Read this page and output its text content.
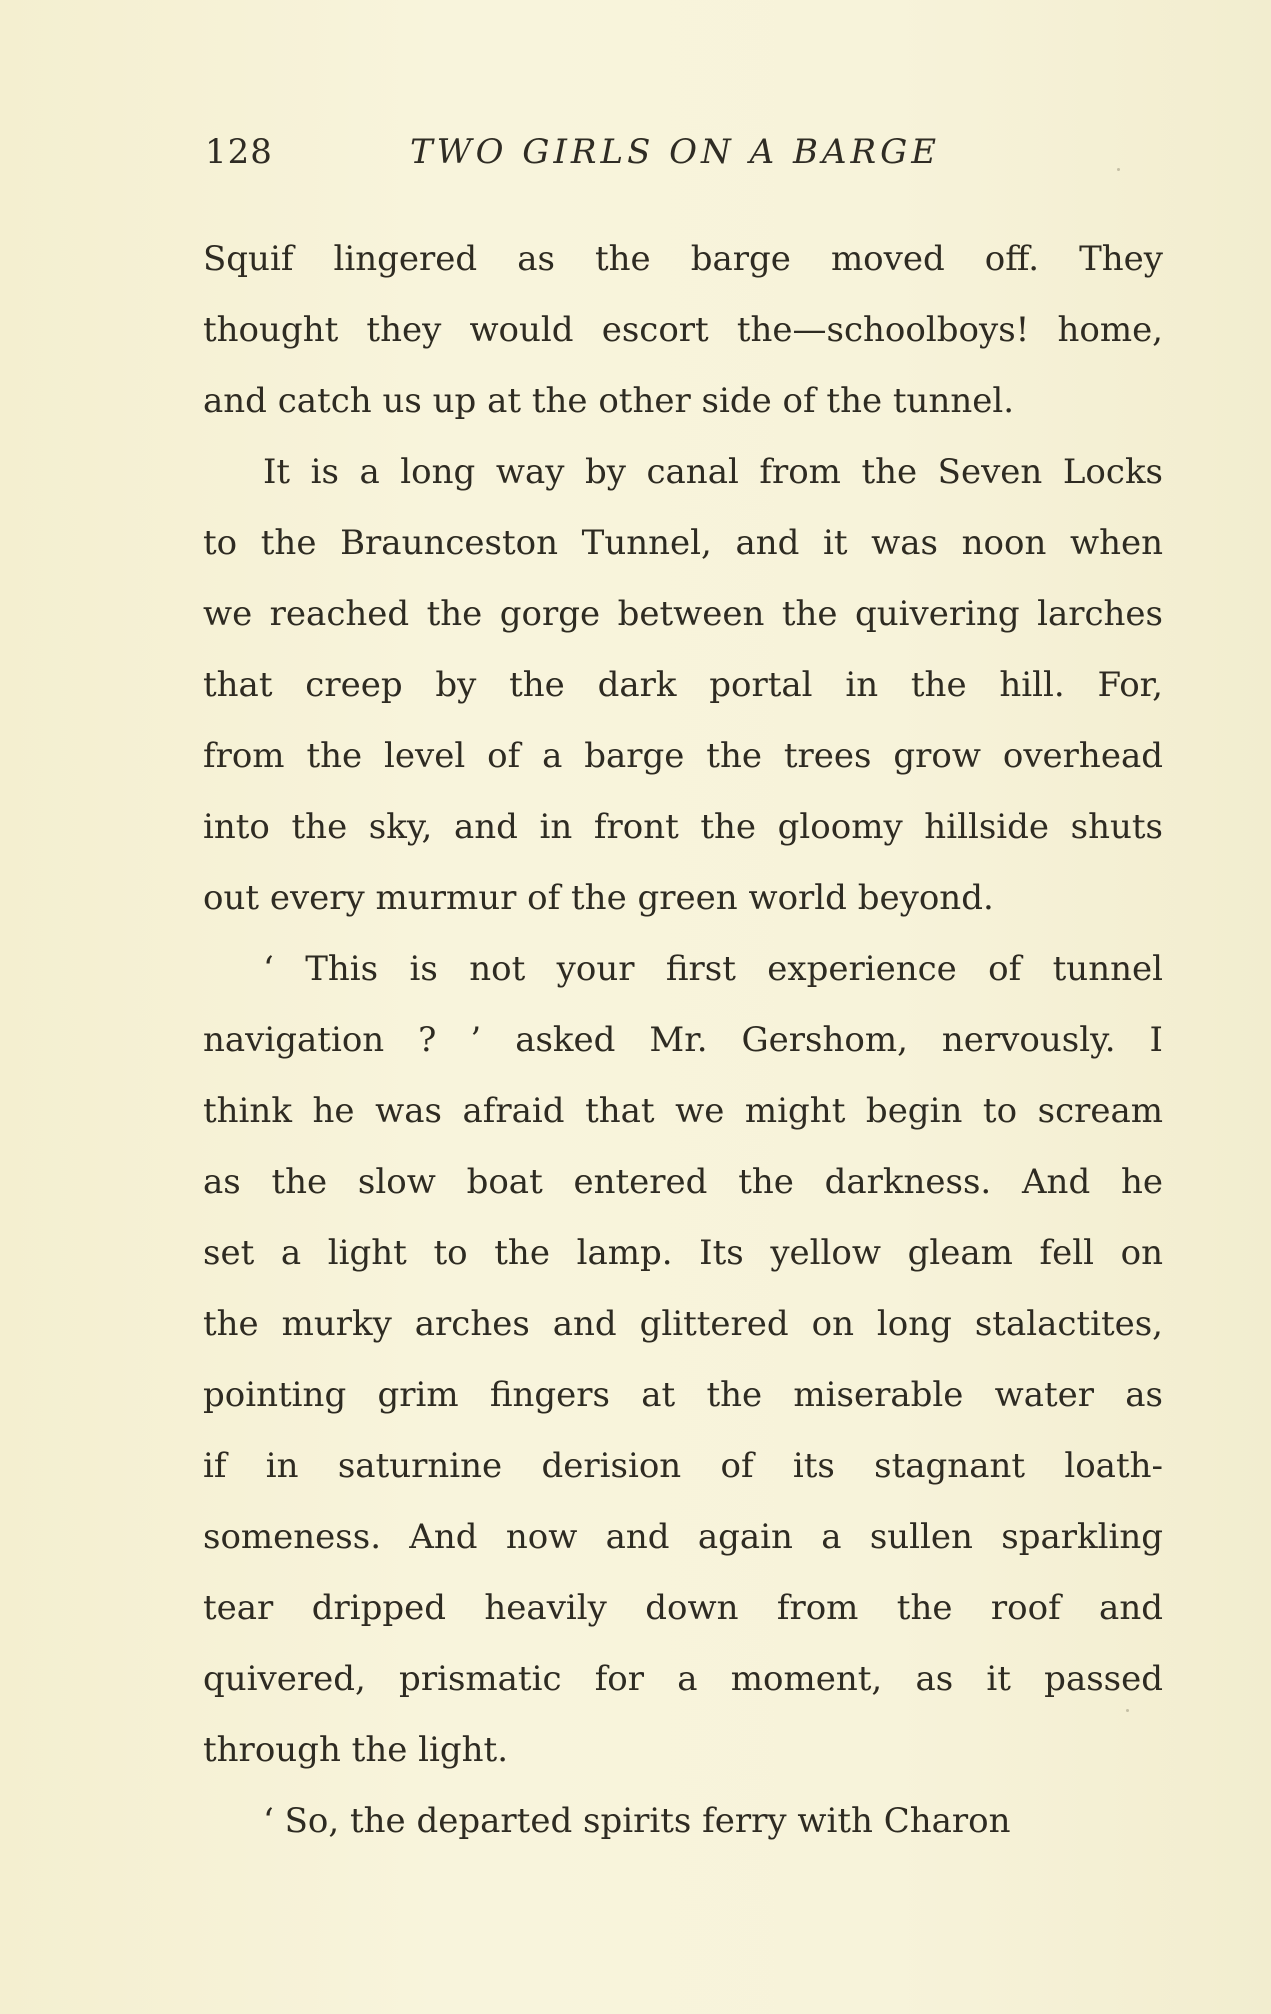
128	TWO GIRLS ON A BARGE
Squif lingered as the barge moved off. They
thought they would escort the—schoolboys! home,
and catch us up at the other side of the tunnel.
It is a long way by canal from the Seven Locks
to the Braunceston Tunnel, and it was noon when
we reached the gorge between the quivering larches
that creep by the dark portal in the hill. For,
from the level of a barge the trees grow overhead
into the sky, and in front the gloomy hillside shuts
out every murmur of the green world beyond.
‘ This is not your first experience of tunnel
navigation ? ’ asked Mr. Gershom, nervously. I
think he was afraid that we might begin to scream
as the slow boat entered the darkness. And he
set a light to the lamp. Its yellow gleam fell on
the murky arches and glittered on long stalactites,
pointing grim fingers at the miserable water as
if in saturnine derision of its stagnant loath-
someness. And now and again a sullen sparkling
tear dripped heavily down from the roof and
quivered, prismatic for a moment, as it passed
through the light.
‘ So, the departed spirits ferry with Charon
